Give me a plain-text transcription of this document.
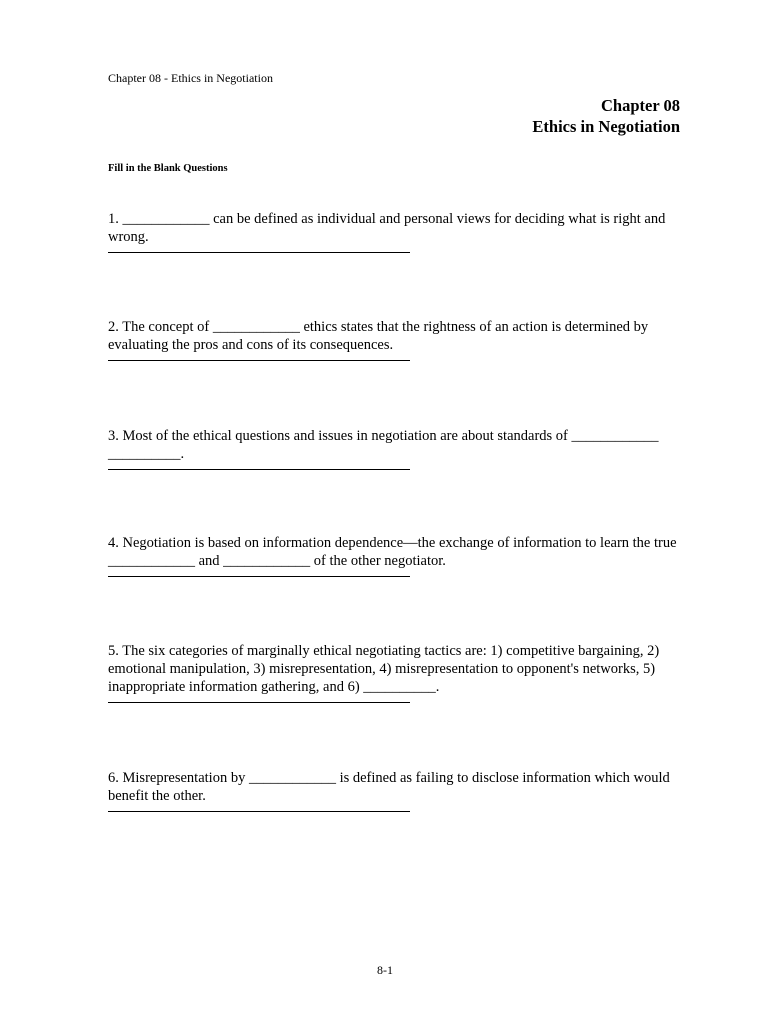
Chapter 08 - Ethics in Negotiation
Chapter 08
Ethics in Negotiation
Fill in the Blank Questions
1. ____________ can be defined as individual and personal views for deciding what is right and wrong.
2. The concept of ____________ ethics states that the rightness of an action is determined by evaluating the pros and cons of its consequences.
3. Most of the ethical questions and issues in negotiation are about standards of ____________ __________.
4. Negotiation is based on information dependence—the exchange of information to learn the true ____________ and ____________ of the other negotiator.
5. The six categories of marginally ethical negotiating tactics are: 1) competitive bargaining, 2) emotional manipulation, 3) misrepresentation, 4) misrepresentation to opponent's networks, 5) inappropriate information gathering, and 6) __________.
6. Misrepresentation by ____________ is defined as failing to disclose information which would benefit the other.
8-1
